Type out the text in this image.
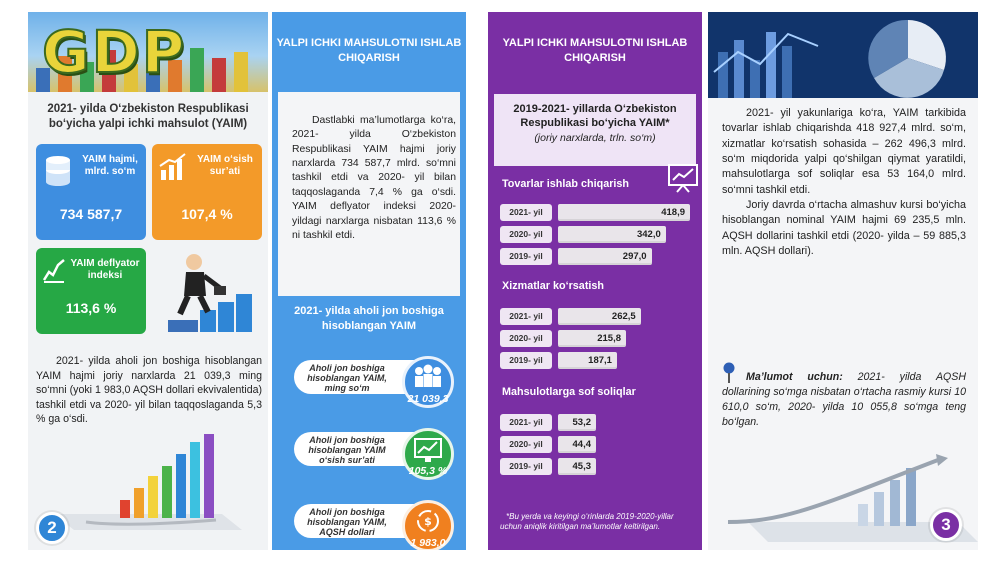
GDP
2021- yilda O‘zbekiston Respublikasi bo‘yicha yalpi ichki mahsulot (YAIM)
YAIM hajmi, mlrd. so‘m
734 587,7
YAIM o‘sish sur’ati
107,4 %
YAIM deflyator indeksi
113,6 %
2021- yilda aholi jon boshiga hisoblangan YAIM hajmi joriy narxlarda 21 039,3 ming so‘mni (yoki 1 983,0 AQSH dollari ekvivalentida) tashkil etdi va 2020- yil bilan taqqoslaganda 5,3 % ga o‘sdi.
2
YALPI ICHKI MAHSULOTNI ISHLAB CHIQARISH
Dastlabki ma’lumotlarga ko‘ra, 2021- yilda O‘zbekiston Respublikasi YAIM hajmi joriy narxlarda 734 587,7 mlrd. so‘mni tashkil etdi va 2020- yil bilan taqqoslaganda 7,4 % ga o‘sdi. YAIM deflyator indeksi 2020- yildagi narxlarga nisbatan 113,6 % ni tashkil etdi.
2021- yilda aholi jon boshiga hisoblangan YAIM
Aholi jon boshiga hisoblangan YAIM, ming so‘m
21 039,3
Aholi jon boshiga hisoblangan YAIM o‘sish sur’ati
105,3 %
Aholi jon boshiga hisoblangan YAIM, AQSH dollari
$
1 983,0
YALPI ICHKI MAHSULOTNI ISHLAB CHIQARISH
2019-2021- yillarda O‘zbekiston Respublikasi bo‘yicha YAIM*
(joriy narxlarda, trln. so‘m)
Tovarlar ishlab chiqarish
Xizmatlar ko‘rsatish
Mahsulotlarga sof soliqlar
2021- yil	418,9
2020- yil	342,0
2019- yil	297,0
2021- yil	262,5
2020- yil	215,8
2019- yil	187,1
2021- yil	53,2
2020- yil	44,4
2019- yil	45,3
*Bu yerda va keyingi o‘rinlarda 2019-2020-yillar uchun aniqlik kiritilgan ma’lumotlar keltirilgan.

2021- yil yakunlariga ko‘ra, YAIM tarkibida tovarlar ishlab chiqarishda 418 927,4 mlrd. so‘m, xizmatlar ko‘rsatish sohasida – 262 496,3 mlrd. so‘m miqdorida yalpi qo‘shilgan qiymat yaratildi, mahsulotlarga sof soliqlar esa 53 164,0 mlrd. so‘mni tashkil etdi.

Joriy davrda o‘rtacha almashuv kursi bo‘yicha hisoblangan nominal YAIM hajmi 69 235,5 mln. AQSH dollarini tashkil etdi (2020- yilda – 59 885,3 mln. AQSH dollari).

Ma’lumot uchun: 2021- yilda AQSH dollarining so‘mga nisbatan o‘rtacha rasmiy kursi 10 610,0 so‘m, 2020- yilda 10 055,8 so‘mga teng bo‘lgan.
3
